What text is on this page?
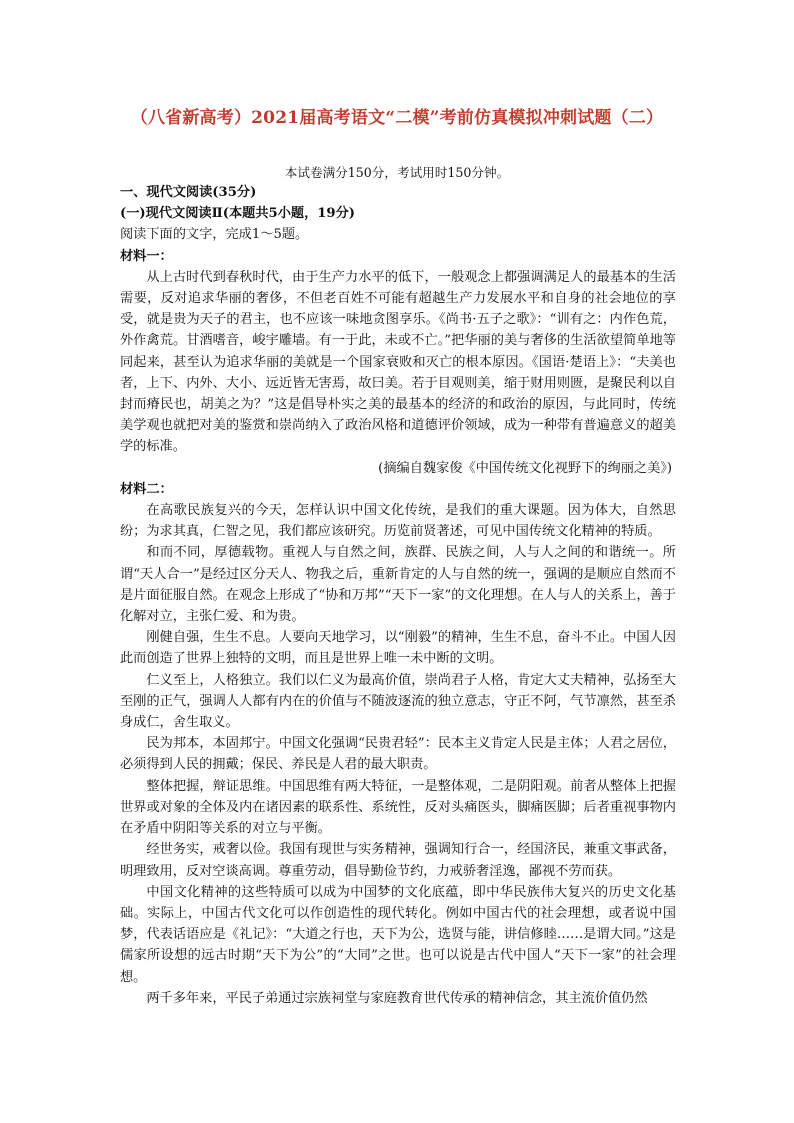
（八省新高考）2021届高考语文“二模”考前仿真模拟冲刺试题（二）
本试卷满分150分，考试用时150分钟。

一、现代文阅读(35分)

(一)现代文阅读Ⅱ(本题共5小题，19分)

阅读下面的文字，完成1～5题。

材料一：

从上古时代到春秋时代，由于生产力水平的低下，一般观念上都强调满足人的最基本的生活需要，反对追求华丽的奢侈，不但老百姓不可能有超越生产力发展水平和自身的社会地位的享受，就是贵为天子的君主，也不应该一味地贪图享乐。《尚书·五子之歌》：“训有之：内作色荒，外作禽荒。甘酒嗜音，峻宇雕墙。有一于此，未或不亡。”把华丽的美与奢侈的生活欲望简单地等同起来，甚至认为追求华丽的美就是一个国家衰败和灭亡的根本原因。《国语·楚语上》：“夫美也者，上下、内外、大小、远近皆无害焉，故曰美。若于目观则美，缩于财用则匮，是聚民利以自封而瘠民也，胡美之为？”这是倡导朴实之美的最基本的经济的和政治的原因，与此同时，传统美学观也就把对美的鉴赏和崇尚纳入了政治风格和道德评价领域，成为一种带有普遍意义的超美学的标准。

(摘编自魏家俊《中国传统文化视野下的绚丽之美》)

材料二：

在高歌民族复兴的今天，怎样认识中国文化传统，是我们的重大课题。因为体大，自然思纷；为求其真，仁智之见，我们都应该研究。历览前贤著述，可见中国传统文化精神的特质。

和而不同，厚德载物。重视人与自然之间，族群、民族之间，人与人之间的和谐统一。所谓“天人合一”是经过区分天人、物我之后，重新肯定的人与自然的统一，强调的是顺应自然而不是片面征服自然。在观念上形成了“协和万邦”“天下一家”的文化理想。在人与人的关系上，善于化解对立，主张仁爱、和为贵。

刚健自强，生生不息。人要向天地学习，以“刚毅”的精神，生生不息，奋斗不止。中国人因此而创造了世界上独特的文明，而且是世界上唯一未中断的文明。

仁义至上，人格独立。我们以仁义为最高价值，崇尚君子人格，肯定大丈夫精神，弘扬至大至刚的正气，强调人人都有内在的价值与不随波逐流的独立意志，守正不阿，气节凛然，甚至杀身成仁，舍生取义。

民为邦本，本固邦宁。中国文化强调“民贵君轻”：民本主义肯定人民是主体；人君之居位，必须得到人民的拥戴；保民、养民是人君的最大职责。

整体把握，辩证思维。中国思维有两大特征，一是整体观，二是阴阳观。前者从整体上把握世界或对象的全体及内在诸因素的联系性、系统性，反对头痛医头，脚痛医脚；后者重视事物内在矛盾中阴阳等关系的对立与平衡。

经世务实，戒奢以俭。我国有现世与实务精神，强调知行合一，经国济民，兼重文事武备，明理致用，反对空谈高调。尊重劳动，倡导勤俭节约，力戒骄奢淫逸，鄙视不劳而获。

中国文化精神的这些特质可以成为中国梦的文化底蕴，即中华民族伟大复兴的历史文化基础。实际上，中国古代文化可以作创造性的现代转化。例如中国古代的社会理想，或者说中国梦，代表话语应是《礼记》：“大道之行也，天下为公，选贤与能，讲信修睦……是谓大同。”这是儒家所设想的远古时期“天下为公”的“大同”之世。也可以说是古代中国人“天下一家”的社会理想。

两千多年来，平民子弟通过宗族祠堂与家庭教育世代传承的精神信念，其主流价值仍然
